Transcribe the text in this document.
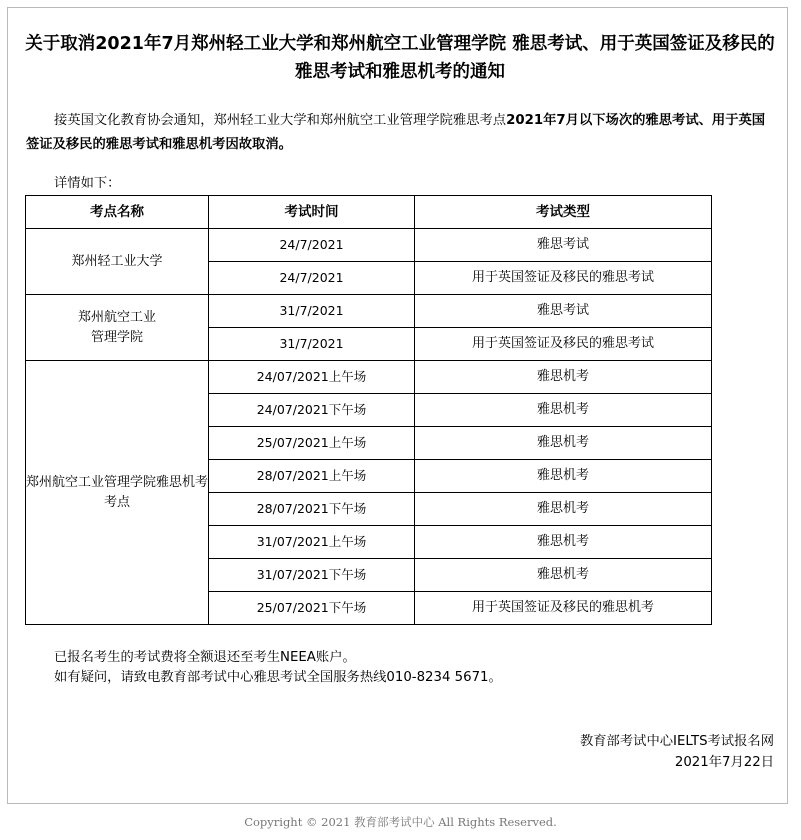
关于取消2021年7月郑州轻工业大学和郑州航空工业管理学院 雅思考试、用于英国签证及移民的雅思考试和雅思机考的通知
接英国文化教育协会通知，郑州轻工业大学和郑州航空工业管理学院雅思考点2021年7月以下场次的雅思考试、用于英国签证及移民的雅思考试和雅思机考因故取消。
详情如下：
考点名称	考试时间	考试类型
郑州轻工业大学	24/7/2021	雅思考试
	24/7/2021	用于英国签证及移民的雅思考试
郑州航空工业
管理学院	31/7/2021	雅思考试
	31/7/2021	用于英国签证及移民的雅思考试
郑州航空工业管理学院雅思机考考点	24/07/2021上午场	雅思机考
	24/07/2021下午场	雅思机考
	25/07/2021上午场	雅思机考
	28/07/2021上午场	雅思机考
	28/07/2021下午场	雅思机考
	31/07/2021上午场	雅思机考
	31/07/2021下午场	雅思机考
	25/07/2021下午场	用于英国签证及移民的雅思机考
已报名考生的考试费将全额退还至考生NEEA账户。
如有疑问，请致电教育部考试中心雅思考试全国服务热线010-8234 5671。
教育部考试中心IELTS考试报名网
2021年7月22日
Copyright © 2021 教育部考试中心 All Rights Reserved.
